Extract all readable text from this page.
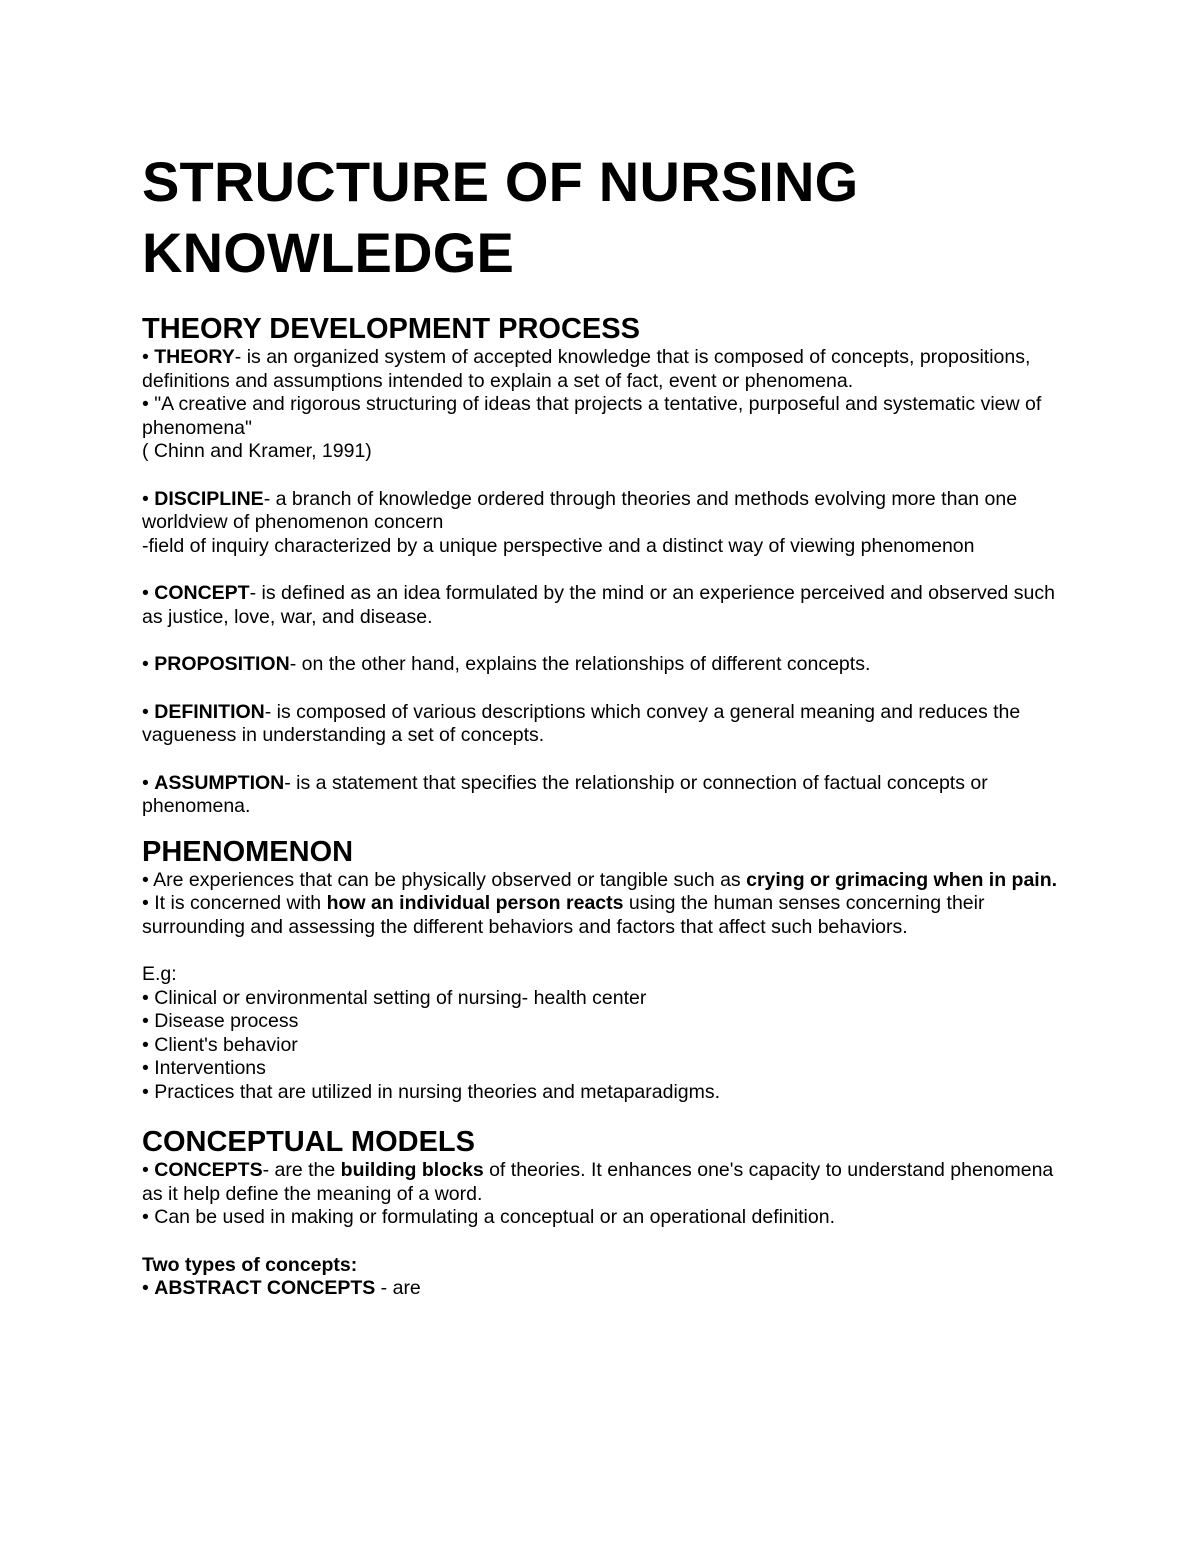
STRUCTURE OF NURSING
KNOWLEDGE
THEORY DEVELOPMENT PROCESS

• THEORY- is an organized system of accepted knowledge that is composed of concepts, propositions, definitions and assumptions intended to explain a set of fact, event or phenomena.

• "A creative and rigorous structuring of ideas that projects a tentative, purposeful and systematic view of phenomena"

( Chinn and Kramer, 1991)

• DISCIPLINE- a branch of knowledge ordered through theories and methods evolving more than one worldview of phenomenon concern

-field of inquiry characterized by a unique perspective and a distinct way of viewing phenomenon

• CONCEPT- is defined as an idea formulated by the mind or an experience perceived and observed such as justice, love, war, and disease.

• PROPOSITION- on the other hand, explains the relationships of different concepts.

• DEFINITION- is composed of various descriptions which convey a general meaning and reduces the vagueness in understanding a set of concepts.

• ASSUMPTION- is a statement that specifies the relationship or connection of factual concepts or phenomena.

PHENOMENON

• Are experiences that can be physically observed or tangible such as crying or grimacing when in pain.

• It is concerned with how an individual person reacts using the human senses concerning their surrounding and assessing the different behaviors and factors that affect such behaviors.

E.g:

• Clinical or environmental setting of nursing- health center

• Disease process

• Client's behavior

• Interventions

• Practices that are utilized in nursing theories and metaparadigms.

CONCEPTUAL MODELS

• CONCEPTS- are the building blocks of theories. It enhances one's capacity to understand phenomena as it help define the meaning of a word.

• Can be used in making or formulating a conceptual or an operational definition.

Two types of concepts:

• ABSTRACT CONCEPTS - are
